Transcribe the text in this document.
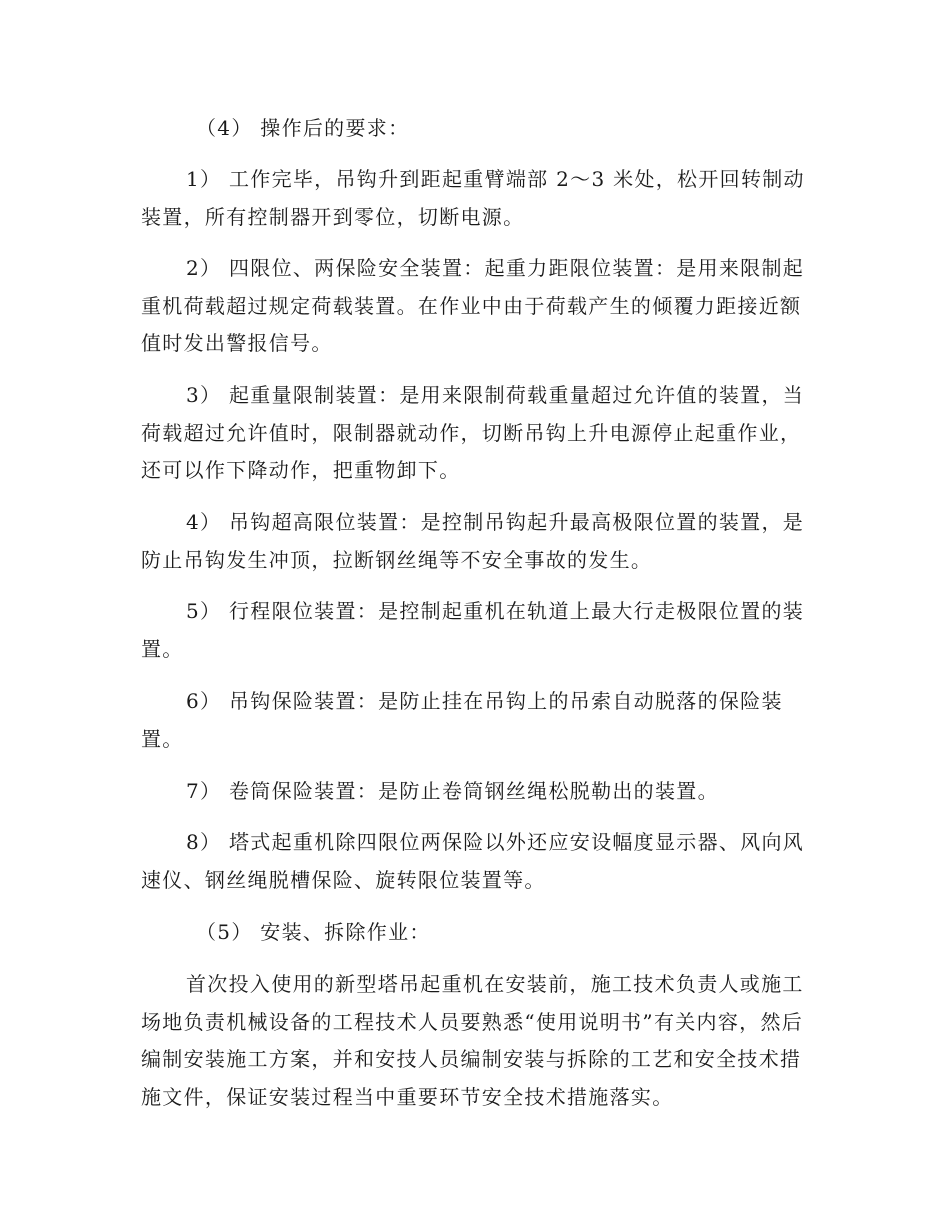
（4） 操作后的要求：

1） 工作完毕，吊钩升到距起重臂端部 2～3 米处，松开回转制动装置，所有控制器开到零位，切断电源。

2） 四限位、两保险安全装置：起重力距限位装置：是用来限制起重机荷载超过规定荷载装置。在作业中由于荷载产生的倾覆力距接近额值时发出警报信号。

3） 起重量限制装置：是用来限制荷载重量超过允许值的装置，当荷载超过允许值时，限制器就动作，切断吊钩上升电源停止起重作业，还可以作下降动作，把重物卸下。

4） 吊钩超高限位装置：是控制吊钩起升最高极限位置的装置，是防止吊钩发生冲顶，拉断钢丝绳等不安全事故的发生。

5） 行程限位装置：是控制起重机在轨道上最大行走极限位置的装置。

6） 吊钩保险装置：是防止挂在吊钩上的吊索自动脱落的保险装置。

7） 卷筒保险装置：是防止卷筒钢丝绳松脱勒出的装置。

8） 塔式起重机除四限位两保险以外还应安设幅度显示器、风向风速仪、钢丝绳脱槽保险、旋转限位装置等。

（5） 安装、拆除作业：

首次投入使用的新型塔吊起重机在安装前，施工技术负责人或施工场地负责机械设备的工程技术人员要熟悉“使用说明书”有关内容，然后编制安装施工方案，并和安技人员编制安装与拆除的工艺和安全技术措施文件，保证安装过程当中重要环节安全技术措施落实。
